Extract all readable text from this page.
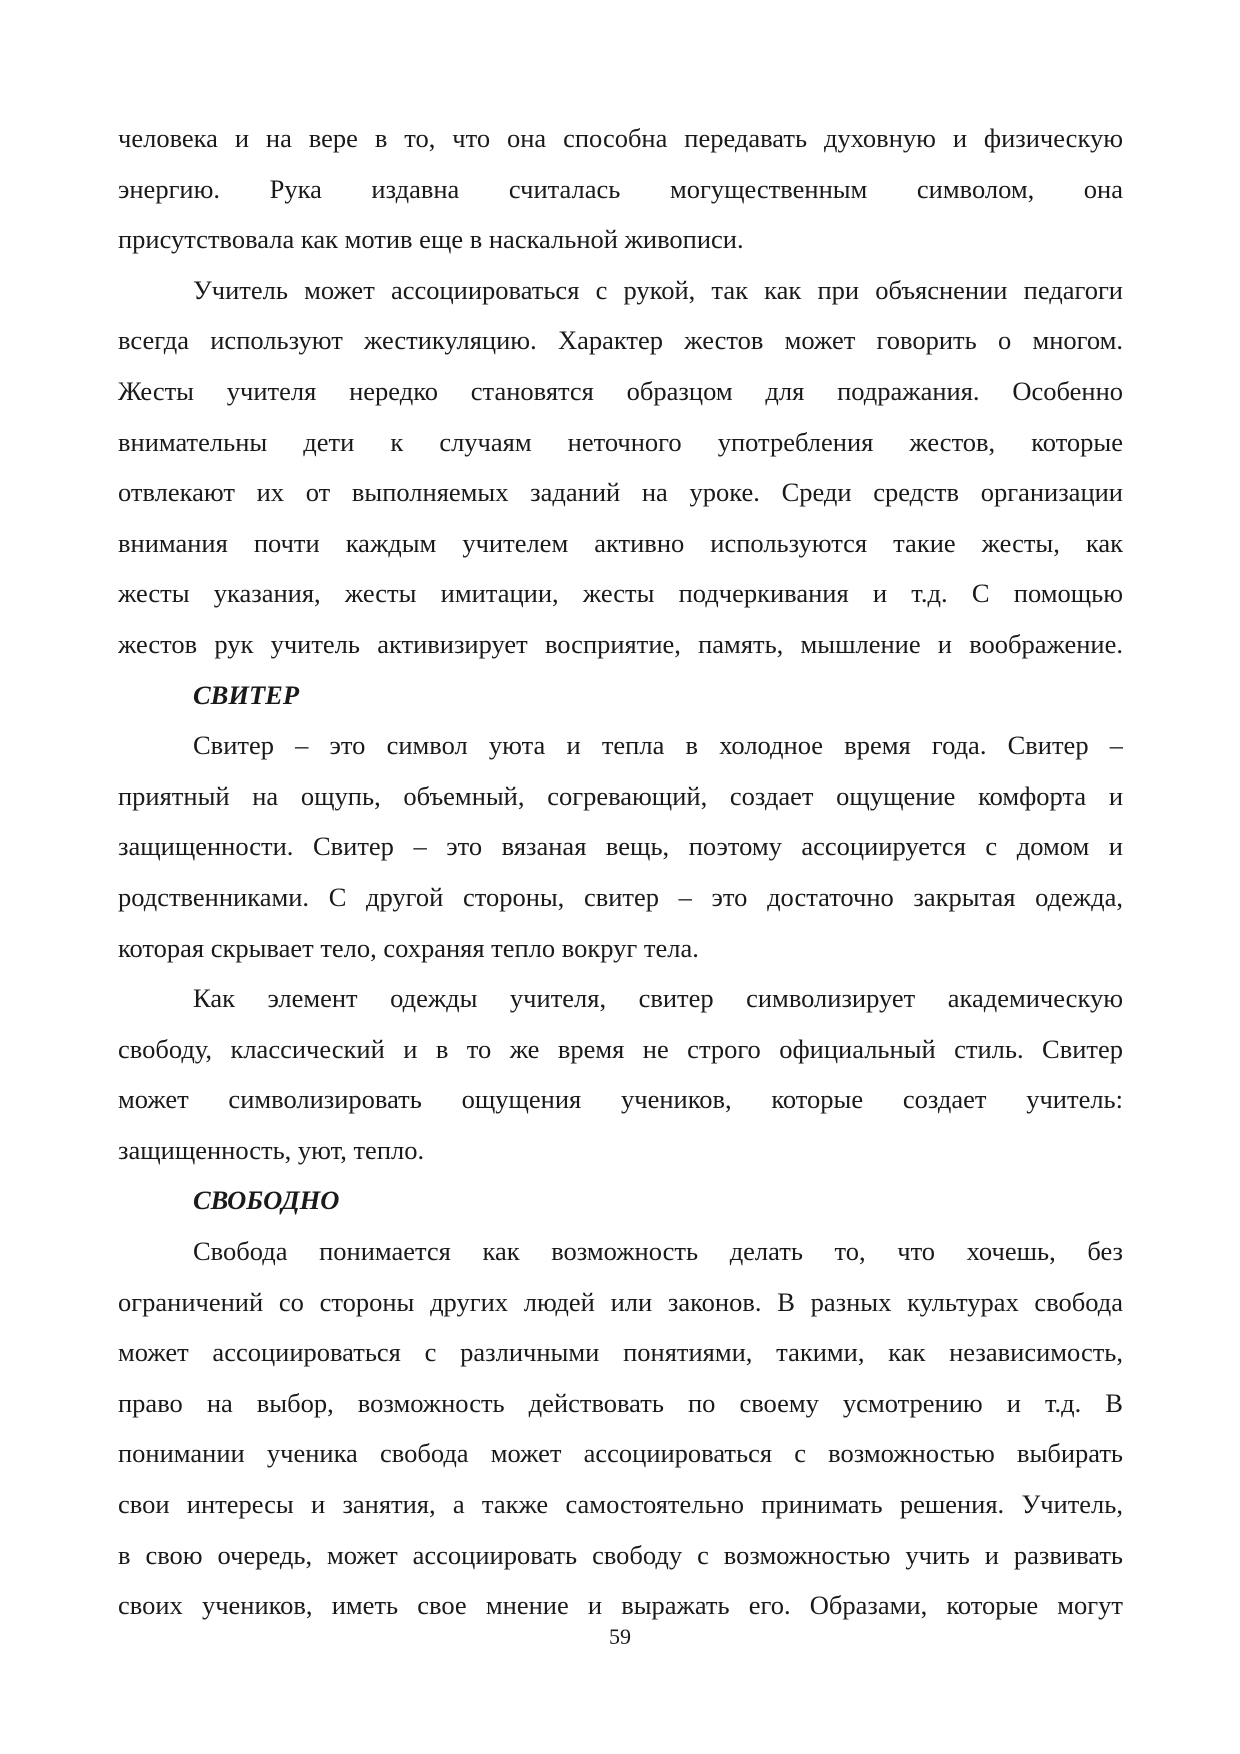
человека и на вере в то, что она способна передавать духовную и физическую
энергию. Рука издавна считалась могущественным символом, она
присутствовала как мотив еще в наскальной живописи.
Учитель может ассоциироваться с рукой, так как при объяснении педагоги
всегда используют жестикуляцию. Характер жестов может говорить о многом.
Жесты учителя нередко становятся образцом для подражания. Особенно
внимательны дети к случаям неточного употребления жестов, которые
отвлекают их от выполняемых заданий на уроке. Среди средств организации
внимания почти каждым учителем активно используются такие жесты, как
жесты указания, жесты имитации, жесты подчеркивания и т.д. С помощью
жестов рук учитель активизирует восприятие, память, мышление и воображение.
СВИТЕР
Свитер – это символ уюта и тепла в холодное время года. Свитер –
приятный на ощупь, объемный, согревающий, создает ощущение комфорта и
защищенности. Свитер – это вязаная вещь, поэтому ассоциируется с домом и
родственниками. С другой стороны, свитер – это достаточно закрытая одежда,
которая скрывает тело, сохраняя тепло вокруг тела.
Как элемент одежды учителя, свитер символизирует академическую
свободу, классический и в то же время не строго официальный стиль. Свитер
может символизировать ощущения учеников, которые создает учитель:
защищенность, уют, тепло.
СВОБОДНО
Свобода понимается как возможность делать то, что хочешь, без
ограничений со стороны других людей или законов. В разных культурах свобода
может ассоциироваться с различными понятиями, такими, как независимость,
право на выбор, возможность действовать по своему усмотрению и т.д. В
понимании ученика свобода может ассоциироваться с возможностью выбирать
свои интересы и занятия, а также самостоятельно принимать решения. Учитель,
в свою очередь, может ассоциировать свободу с возможностью учить и развивать
своих учеников, иметь свое мнение и выражать его. Образами, которые могут
59
